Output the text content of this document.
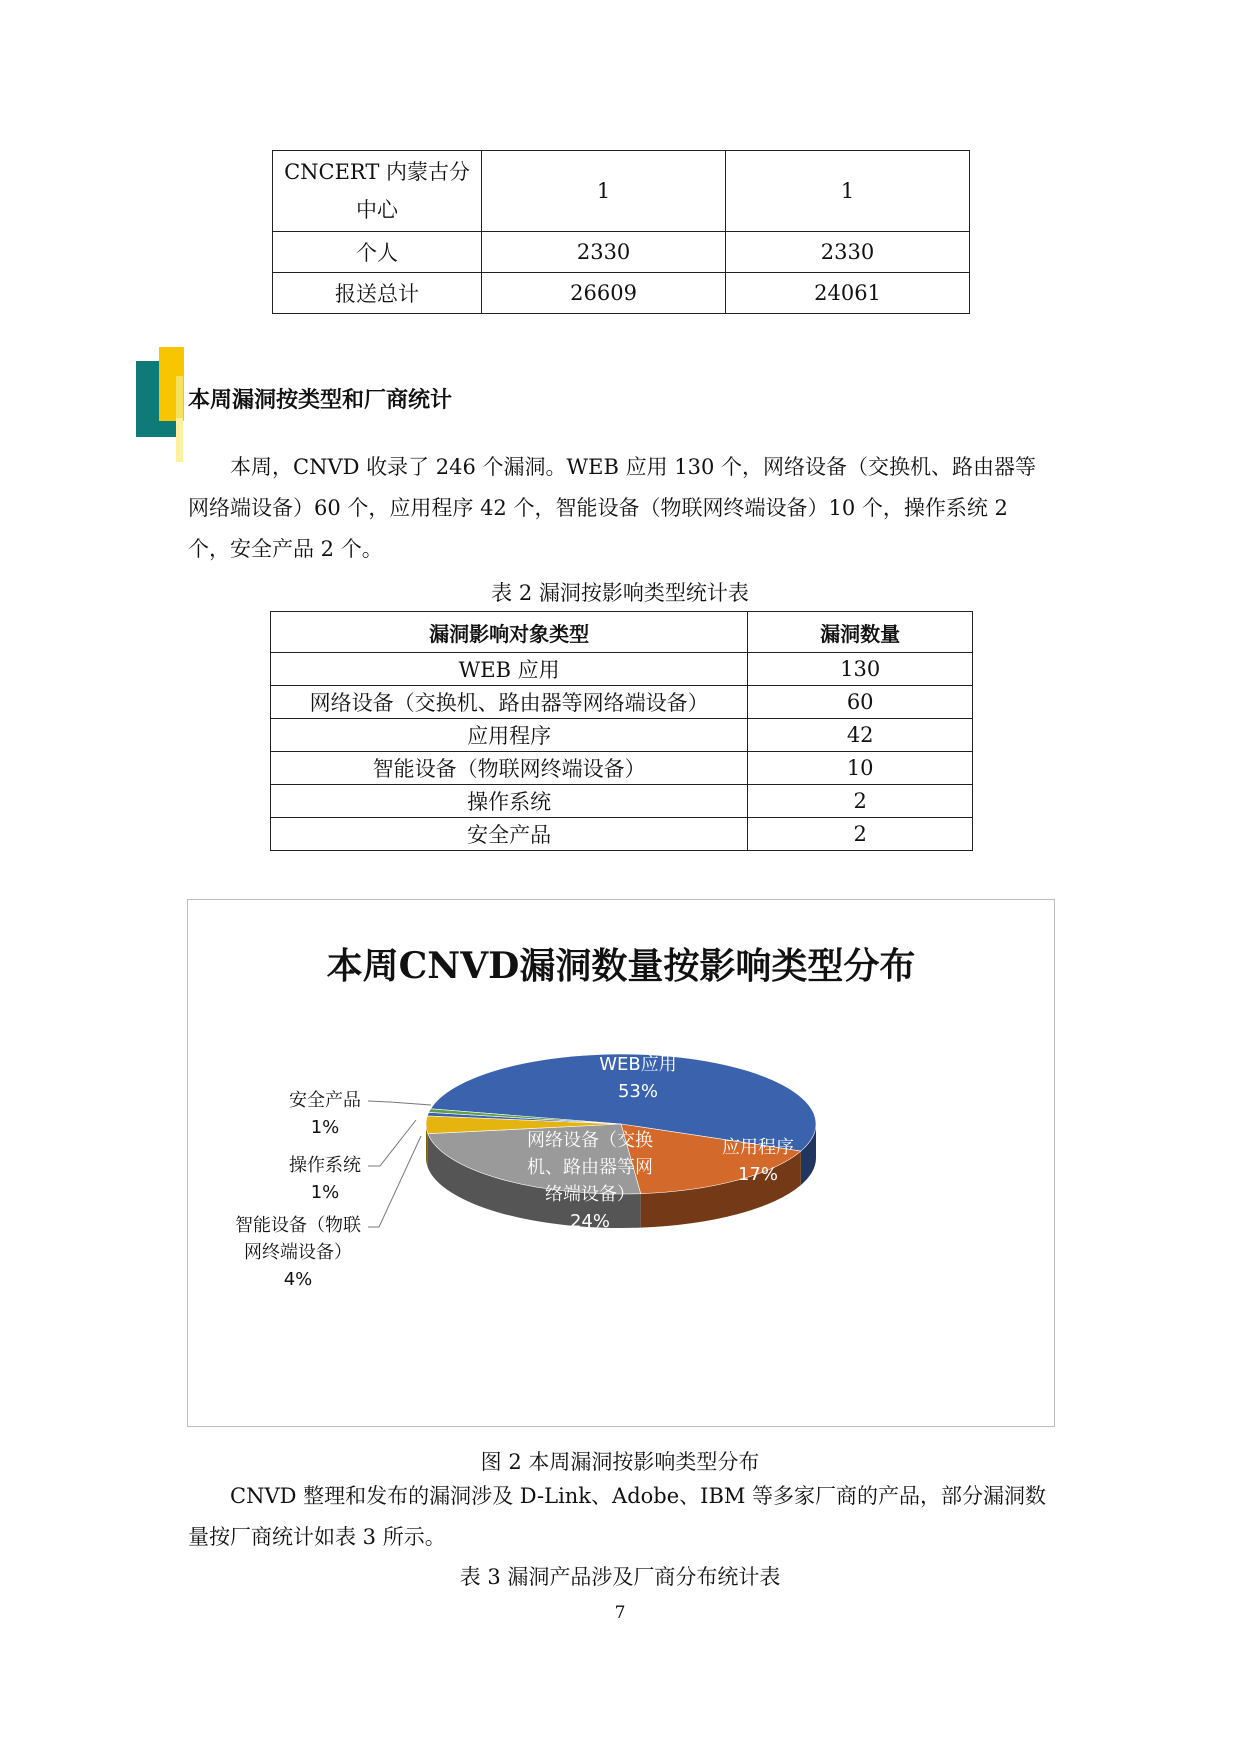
CNCERT 内蒙古分中心	1	1
个人	2330	2330
报送总计	26609	24061
本周漏洞按类型和厂商统计
本周，CNVD 收录了 246 个漏洞。WEB 应用 130 个，网络设备（交换机、路由器等网络端设备）60 个，应用程序 42 个，智能设备（物联网终端设备）10 个，操作系统 2 个，安全产品 2 个。
表 2 漏洞按影响类型统计表
漏洞影响对象类型	漏洞数量
WEB 应用	130
网络设备（交换机、路由器等网络端设备）	60
应用程序	42
智能设备（物联网终端设备）	10
操作系统	2
安全产品	2
本周CNVD漏洞数量按影响类型分布
WEB应用 53%
应用程序 17%
网络设备（交换机、路由器等网络端设备） 24%
安全产品 1%
操作系统 1%
智能设备（物联网终端设备） 4%
图 2 本周漏洞按影响类型分布
CNVD 整理和发布的漏洞涉及 D-Link、Adobe、IBM 等多家厂商的产品，部分漏洞数量按厂商统计如表 3 所示。
表 3 漏洞产品涉及厂商分布统计表
7
